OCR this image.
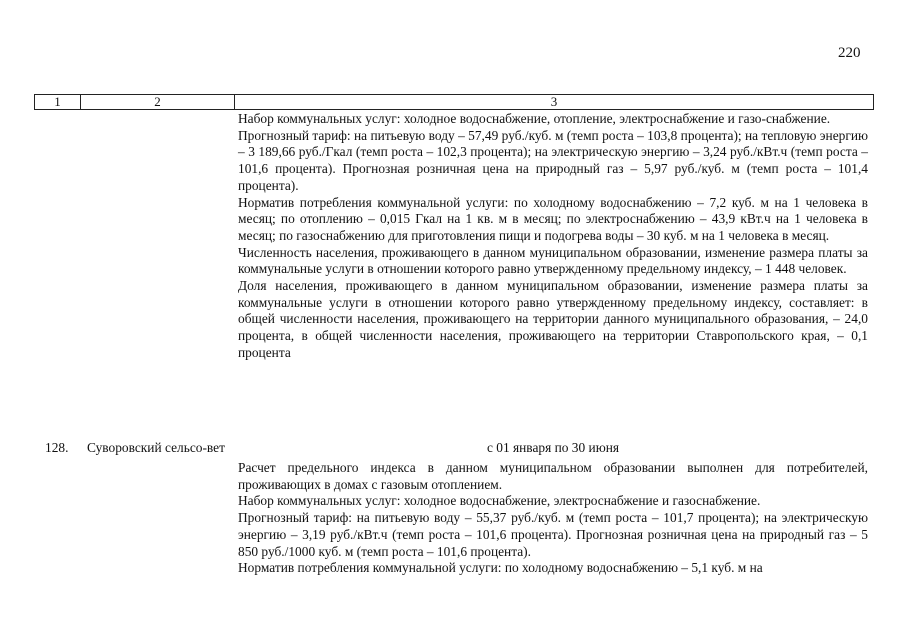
220
1	2	3

Набор коммунальных услуг: холодное водоснабжение, отопление, электроснабжение и газо-снабжение.

Прогнозный тариф: на питьевую воду – 57,49 руб./куб. м (темп роста – 103,8 процента); на тепловую энергию – 3 189,66 руб./Гкал (темп роста – 102,3 процента); на электрическую энергию – 3,24 руб./кВт.ч (темп роста – 101,6 процента). Прогнозная розничная цена на природный газ – 5,97 руб./куб. м (темп роста – 101,4 процента).

Норматив потребления коммунальной услуги: по холодному водоснабжению – 7,2 куб. м на 1 человека в месяц; по отоплению – 0,015 Гкал на 1 кв. м в месяц; по электроснабжению – 43,9 кВт.ч на 1 человека в месяц; по газоснабжению для приготовления пищи и подогрева воды – 30 куб. м на 1 человека в месяц.

Численность населения, проживающего в данном муниципальном образовании, изменение размера платы за коммунальные услуги в отношении которого равно утвержденному предельному индексу, – 1 448 человек.

Доля населения, проживающего в данном муниципальном образовании, изменение размера платы за коммунальные услуги в отношении которого равно утвержденному предельному индексу, составляет: в общей численности населения, проживающего на территории данного муниципального образования, – 24,0 процента, в общей численности населения, проживающего на территории Ставропольского края, – 0,1 процента

128. Суворовский сельсо-вет	с 01 января по 30 июня

Расчет предельного индекса в данном муниципальном образовании выполнен для потребителей, проживающих в домах с газовым отоплением.

Набор коммунальных услуг: холодное водоснабжение, электроснабжение и газоснабжение.

Прогнозный тариф: на питьевую воду – 55,37 руб./куб. м (темп роста – 101,7 процента); на электрическую энергию – 3,19 руб./кВт.ч (темп роста – 101,6 процента). Прогнозная розничная цена на природный газ – 5 850 руб./1000 куб. м (темп роста – 101,6 процента).

Норматив потребления коммунальной услуги: по холодному водоснабжению – 5,1 куб. м на
